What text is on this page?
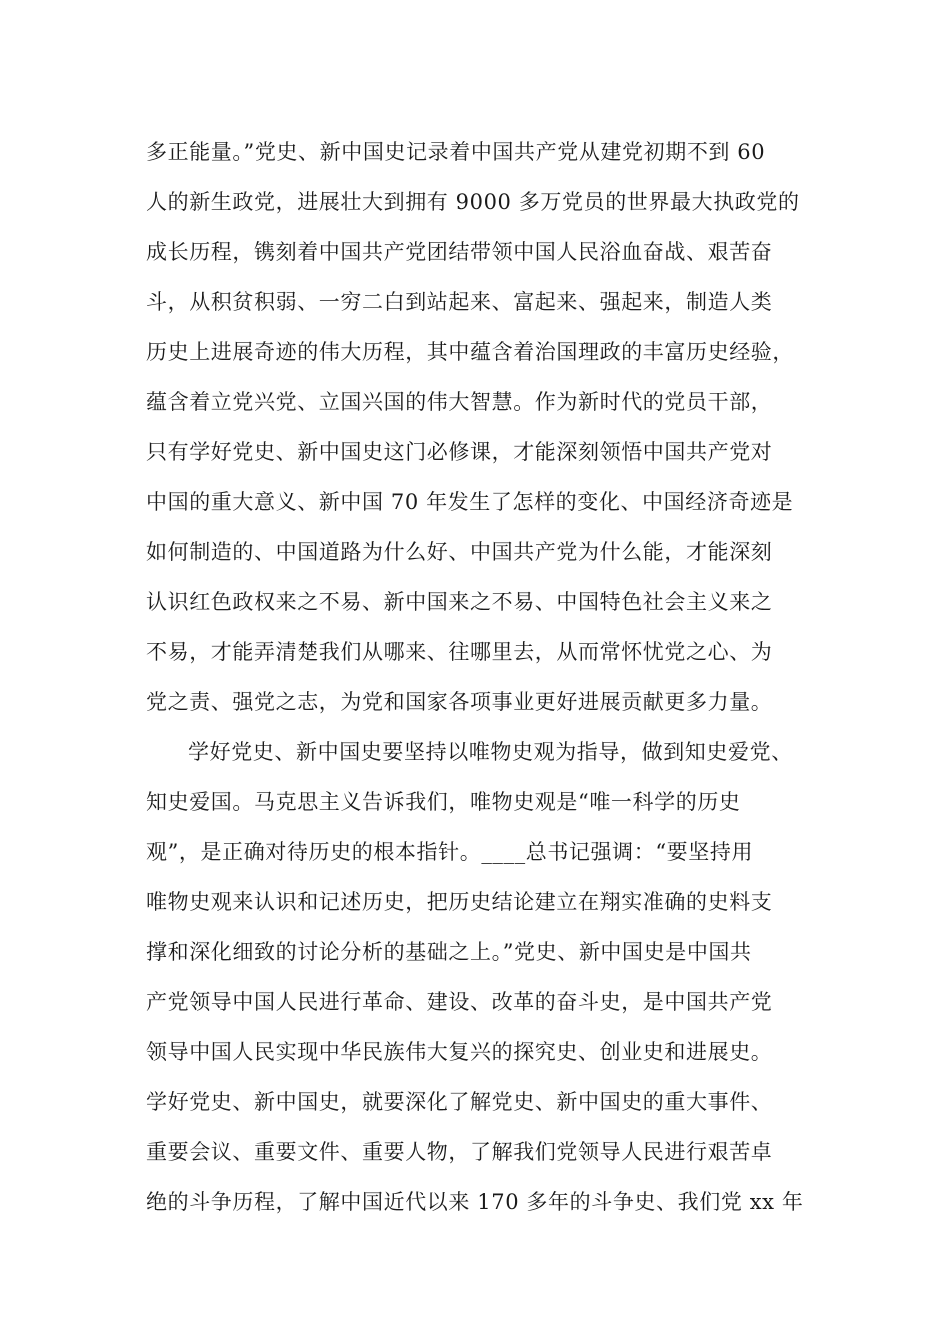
多正能量。”党史、新中国史记录着中国共产党从建党初期不到 60
人的新生政党，进展壮大到拥有 9000 多万党员的世界最大执政党的
成长历程，镌刻着中国共产党团结带领中国人民浴血奋战、艰苦奋
斗，从积贫积弱、一穷二白到站起来、富起来、强起来，制造人类
历史上进展奇迹的伟大历程，其中蕴含着治国理政的丰富历史经验，
蕴含着立党兴党、立国兴国的伟大智慧。作为新时代的党员干部，
只有学好党史、新中国史这门必修课，才能深刻领悟中国共产党对
中国的重大意义、新中国 70 年发生了怎样的变化、中国经济奇迹是
如何制造的、中国道路为什么好、中国共产党为什么能，才能深刻
认识红色政权来之不易、新中国来之不易、中国特色社会主义来之
不易，才能弄清楚我们从哪来、往哪里去，从而常怀忧党之心、为
党之责、强党之志，为党和国家各项事业更好进展贡献更多力量。
学好党史、新中国史要坚持以唯物史观为指导，做到知史爱党、
知史爱国。马克思主义告诉我们，唯物史观是“唯一科学的历史
观”，是正确对待历史的根本指针。____总书记强调：“要坚持用
唯物史观来认识和记述历史，把历史结论建立在翔实准确的史料支
撑和深化细致的讨论分析的基础之上。”党史、新中国史是中国共
产党领导中国人民进行革命、建设、改革的奋斗史，是中国共产党
领导中国人民实现中华民族伟大复兴的探究史、创业史和进展史。
学好党史、新中国史，就要深化了解党史、新中国史的重大事件、
重要会议、重要文件、重要人物，了解我们党领导人民进行艰苦卓
绝的斗争历程，了解中国近代以来 170 多年的斗争史、我们党 xx 年
